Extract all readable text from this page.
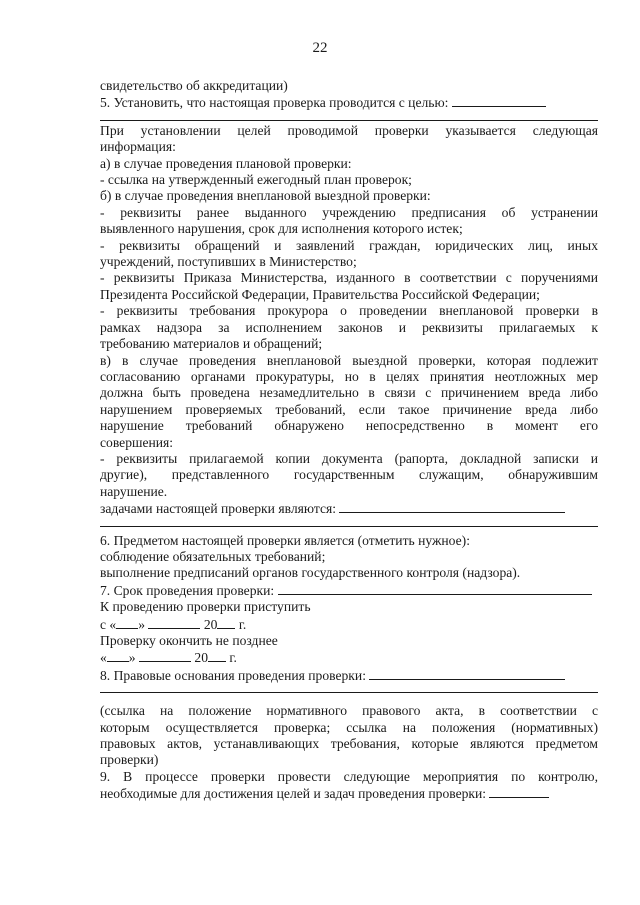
22
свидетельство об аккредитации)
5. Установить, что настоящая проверка проводится с целью:
При установлении целей проводимой проверки указывается следующая
информация:
а) в случае проведения плановой проверки:
- ссылка на утвержденный ежегодный план проверок;
б) в случае проведения внеплановой выездной проверки:
- реквизиты ранее выданного учреждению предписания об устранении
выявленного нарушения, срок для исполнения которого истек;
- реквизиты обращений и заявлений граждан, юридических лиц, иных
учреждений, поступивших в Министерство;
- реквизиты Приказа Министерства, изданного в соответствии с поручениями
Президента Российской Федерации, Правительства Российской Федерации;
- реквизиты требования прокурора о проведении внеплановой проверки в
рамках надзора за исполнением законов и реквизиты прилагаемых к
требованию материалов и обращений;
в) в случае проведения внеплановой выездной проверки, которая подлежит
согласованию органами прокуратуры, но в целях принятия неотложных мер
должна быть проведена незамедлительно в связи с причинением вреда либо
нарушением проверяемых требований, если такое причинение вреда либо
нарушение требований обнаружено непосредственно в момент его
совершения:
- реквизиты прилагаемой копии документа (рапорта, докладной записки и
другие), представленного государственным служащим, обнаружившим
нарушение.
задачами настоящей проверки являются:
6. Предметом настоящей проверки является (отметить нужное):
соблюдение обязательных требований;
выполнение предписаний органов государственного контроля (надзора).
7. Срок проведения проверки:
К проведению проверки приступить
с « »	20 г.
Проверку окончить не позднее
« »	20 г.
8. Правовые основания проведения проверки:
(ссылка на положение нормативного правового акта, в соответствии с
которым осуществляется проверка; ссылка на положения (нормативных)
правовых актов, устанавливающих требования, которые являются предметом
проверки)
9. В процессе проверки провести следующие мероприятия по контролю,
необходимые для достижения целей и задач проведения проверки:
